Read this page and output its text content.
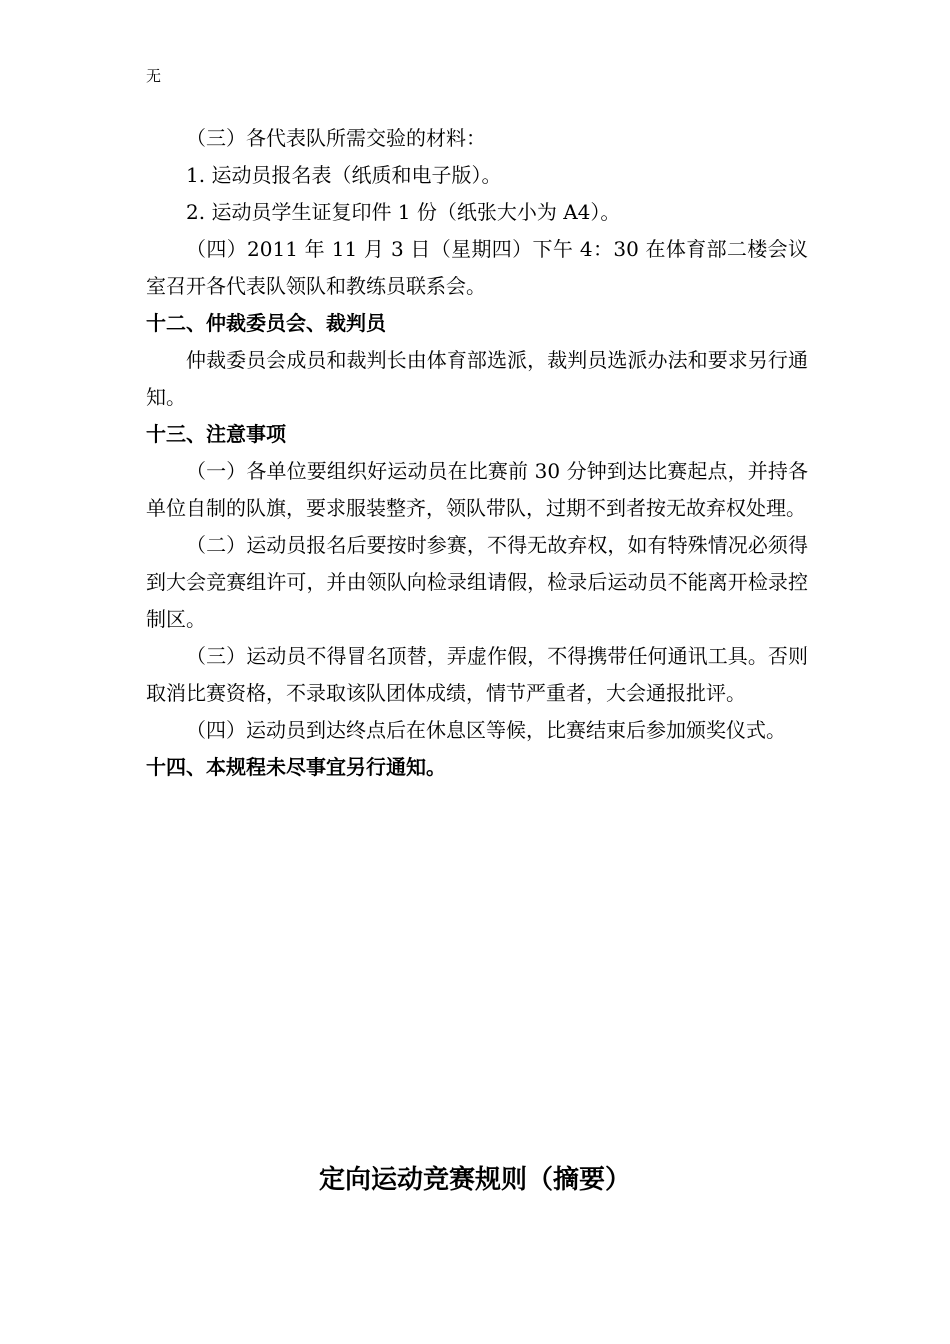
无

（三）各代表队所需交验的材料：

1. 运动员报名表（纸质和电子版）。

2. 运动员学生证复印件 1 份（纸张大小为 A4）。

（四）2011 年 11 月 3 日（星期四）下午 4：30 在体育部二楼会议室召开各代表队领队和教练员联系会。

十二、仲裁委员会、裁判员

仲裁委员会成员和裁判长由体育部选派，裁判员选派办法和要求另行通知。

十三、注意事项

（一）各单位要组织好运动员在比赛前 30 分钟到达比赛起点，并持各单位自制的队旗，要求服装整齐，领队带队，过期不到者按无故弃权处理。

（二）运动员报名后要按时参赛，不得无故弃权，如有特殊情况必须得到大会竞赛组许可，并由领队向检录组请假，检录后运动员不能离开检录控制区。

（三）运动员不得冒名顶替，弄虚作假，不得携带任何通讯工具。否则取消比赛资格，不录取该队团体成绩，情节严重者，大会通报批评。

（四）运动员到达终点后在休息区等候，比赛结束后参加颁奖仪式。

十四、本规程未尽事宜另行通知。

定向运动竞赛规则（摘要）
